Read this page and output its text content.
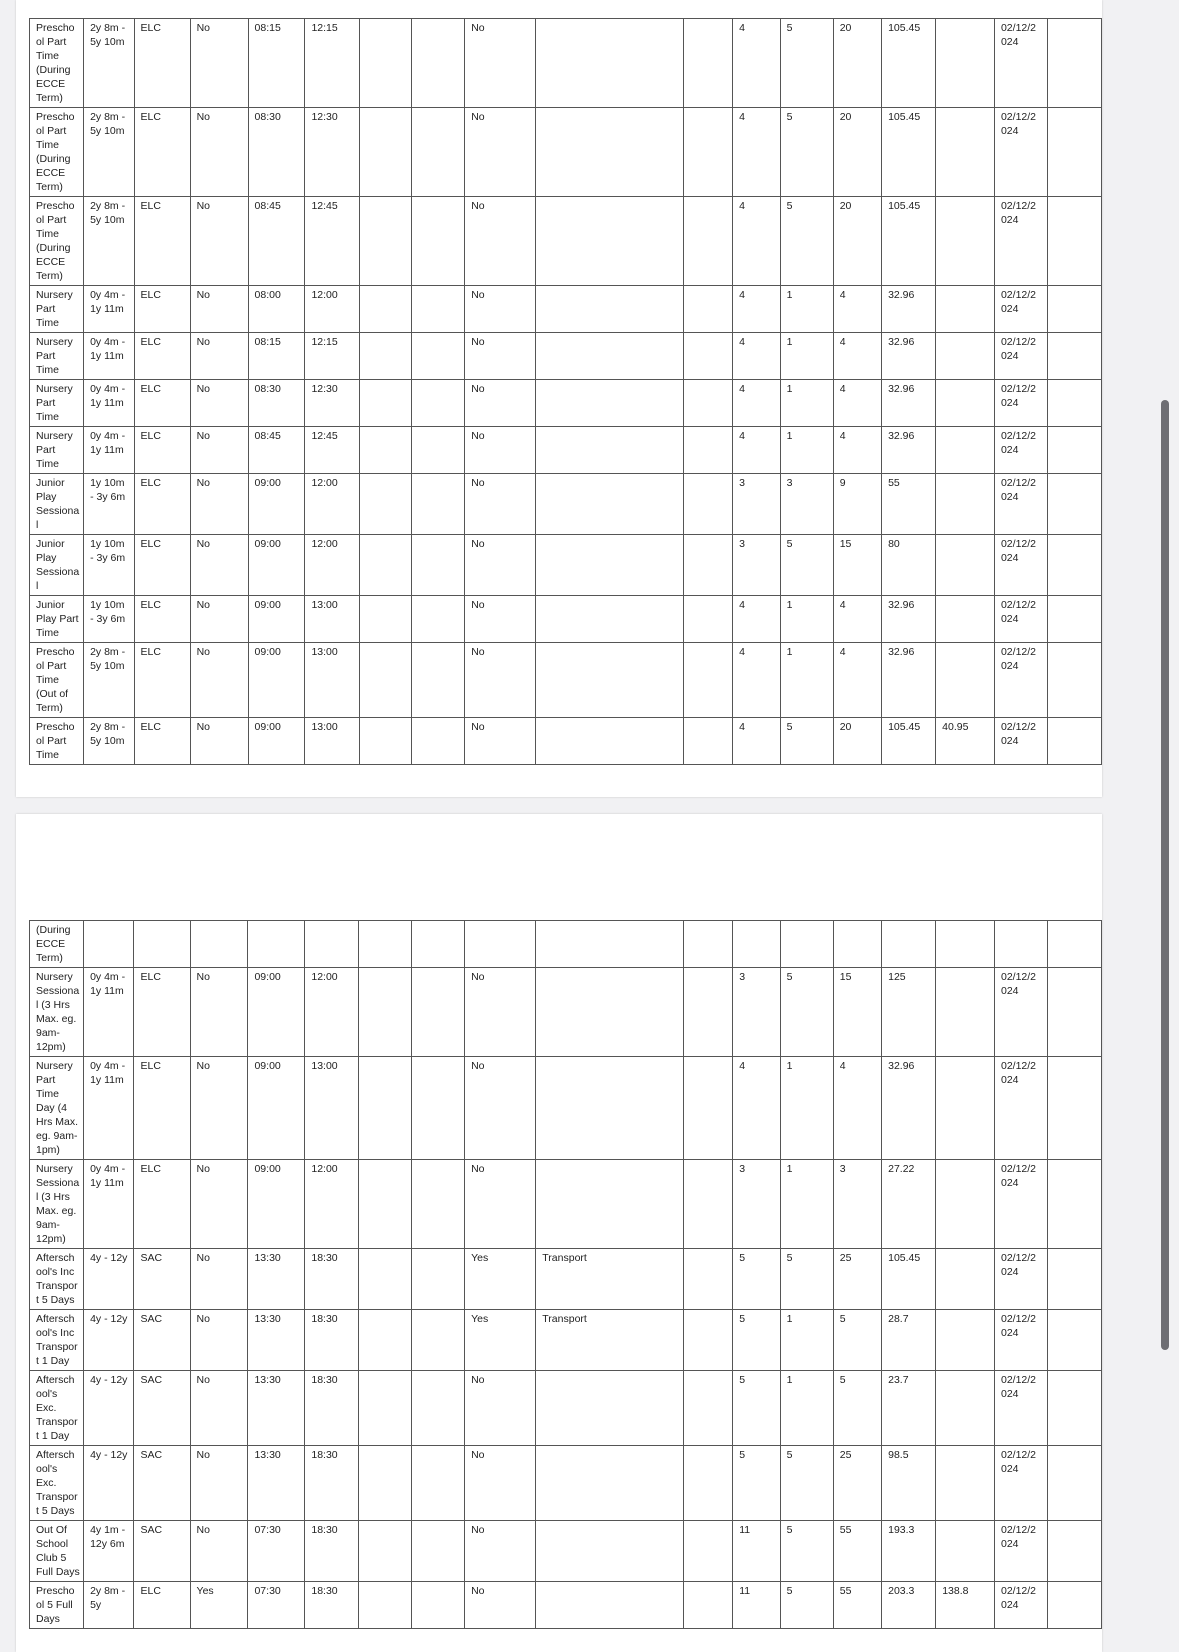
Preschool Part Time (During ECCE Term)	2y 8m - 5y 10m	ELC	No	08:15	12:15			No			4	5	20	105.45		02/12/2024	
Preschool Part Time (During ECCE Term)	2y 8m - 5y 10m	ELC	No	08:30	12:30			No			4	5	20	105.45		02/12/2024	
Preschool Part Time (During ECCE Term)	2y 8m - 5y 10m	ELC	No	08:45	12:45			No			4	5	20	105.45		02/12/2024	
Nursery Part Time	0y 4m - 1y 11m	ELC	No	08:00	12:00			No			4	1	4	32.96		02/12/2024	
Nursery Part Time	0y 4m - 1y 11m	ELC	No	08:15	12:15			No			4	1	4	32.96		02/12/2024	
Nursery Part Time	0y 4m - 1y 11m	ELC	No	08:30	12:30			No			4	1	4	32.96		02/12/2024	
Nursery Part Time	0y 4m - 1y 11m	ELC	No	08:45	12:45			No			4	1	4	32.96		02/12/2024	
Junior Play Sessional	1y 10m - 3y 6m	ELC	No	09:00	12:00			No			3	3	9	55		02/12/2024	
Junior Play Sessional	1y 10m - 3y 6m	ELC	No	09:00	12:00			No			3	5	15	80		02/12/2024	
Junior Play Part Time	1y 10m - 3y 6m	ELC	No	09:00	13:00			No			4	1	4	32.96		02/12/2024	
Preschool Part Time (Out of Term)	2y 8m - 5y 10m	ELC	No	09:00	13:00			No			4	1	4	32.96		02/12/2024	
Preschool Part Time	2y 8m - 5y 10m	ELC	No	09:00	13:00			No			4	5	20	105.45	40.95	02/12/2024	
(During ECCE Term)																	
Nursery Sessional (3 Hrs Max. eg. 9am-12pm)	0y 4m - 1y 11m	ELC	No	09:00	12:00			No			3	5	15	125		02/12/2024	
Nursery Part Time Day (4 Hrs Max. eg. 9am-1pm)	0y 4m - 1y 11m	ELC	No	09:00	13:00			No			4	1	4	32.96		02/12/2024	
Nursery Sessional (3 Hrs Max. eg. 9am-12pm)	0y 4m - 1y 11m	ELC	No	09:00	12:00			No			3	1	3	27.22		02/12/2024	
Afterschool's Inc Transport 5 Days	4y - 12y	SAC	No	13:30	18:30			Yes	Transport		5	5	25	105.45		02/12/2024	
Afterschool's Inc Transport 1 Day	4y - 12y	SAC	No	13:30	18:30			Yes	Transport		5	1	5	28.7		02/12/2024	
Afterschool's Exc. Transport 1 Day	4y - 12y	SAC	No	13:30	18:30			No			5	1	5	23.7		02/12/2024	
Afterschool's Exc. Transport 5 Days	4y - 12y	SAC	No	13:30	18:30			No			5	5	25	98.5		02/12/2024	
Out Of School Club 5 Full Days	4y 1m - 12y 6m	SAC	No	07:30	18:30			No			11	5	55	193.3		02/12/2024	
Preschool 5 Full Days	2y 8m - 5y	ELC	Yes	07:30	18:30			No			11	5	55	203.3	138.8	02/12/2024	
